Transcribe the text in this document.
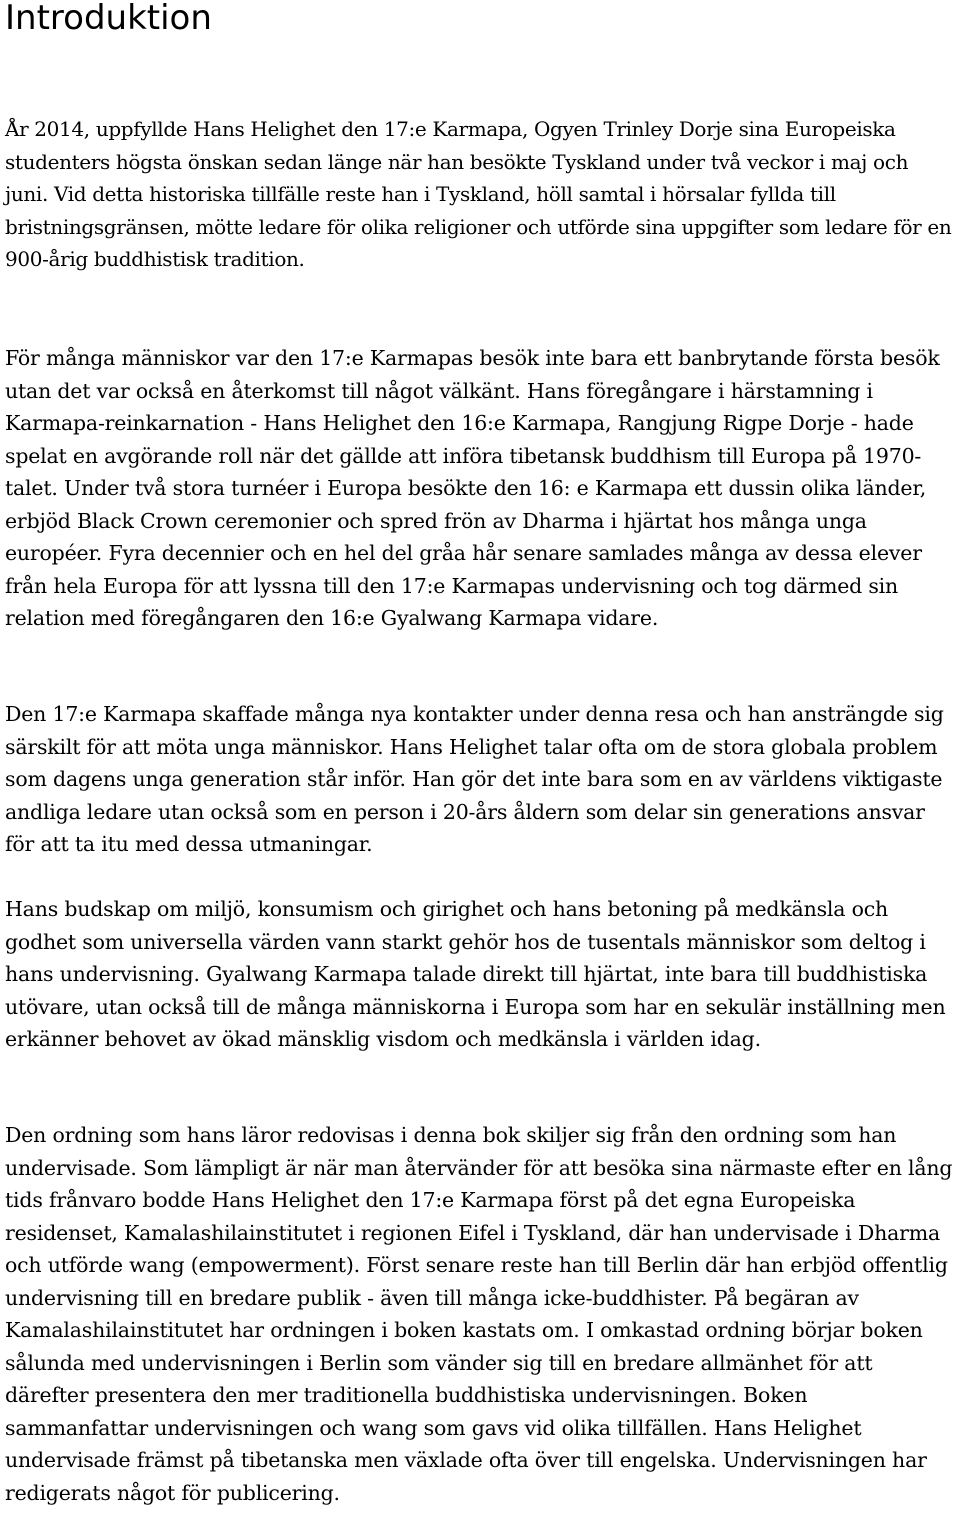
Introduktion

År 2014, uppfyllde Hans Helighet den 17:e Karmapa, Ogyen Trinley Dorje sina Europeiska studenters högsta önskan sedan länge när han besökte Tyskland under två veckor i maj och juni. Vid detta historiska tillfälle reste han i Tyskland, höll samtal i hörsalar fyllda till bristningsgränsen, mötte ledare för olika religioner och utförde sina uppgifter som ledare för en 900-årig buddhistisk tradition.

För många människor var den 17:e Karmapas besök inte bara ett banbrytande första besök utan det var också en återkomst till något välkänt. Hans föregångare i härstamning i Karmapa-reinkarnation - Hans Helighet den 16:e Karmapa, Rangjung Rigpe Dorje - hade spelat en avgörande roll när det gällde att införa tibetansk buddhism till Europa på 1970-talet. Under två stora turnéer i Europa besökte den 16: e Karmapa ett dussin olika länder, erbjöd Black Crown ceremonier och spred frön av Dharma i hjärtat hos många unga européer. Fyra decennier och en hel del gråa hår senare samlades många av dessa elever från hela Europa för att lyssna till den 17:e Karmapas undervisning och tog därmed sin relation med föregångaren den 16:e Gyalwang Karmapa vidare.

Den 17:e Karmapa skaffade många nya kontakter under denna resa och han ansträngde sig särskilt för att möta unga människor. Hans Helighet talar ofta om de stora globala problem som dagens unga generation står inför. Han gör det inte bara som en av världens viktigaste andliga ledare utan också som en person i 20-års åldern som delar sin generations ansvar för att ta itu med dessa utmaningar.

Hans budskap om miljö, konsumism och girighet och hans betoning på medkänsla och godhet som universella värden vann starkt gehör hos de tusentals människor som deltog i hans undervisning. Gyalwang Karmapa talade direkt till hjärtat, inte bara till buddhistiska utövare, utan också till de många människorna i Europa som har en sekulär inställning men erkänner behovet av ökad mänsklig visdom och medkänsla i världen idag.

Den ordning som hans läror redovisas i denna bok skiljer sig från den ordning som han undervisade. Som lämpligt är när man återvänder för att besöka sina närmaste efter en lång tids frånvaro bodde Hans Helighet den 17:e Karmapa först på det egna Europeiska residenset, Kamalashilainstitutet i regionen Eifel i Tyskland, där han undervisade i Dharma och utförde wang (empowerment). Först senare reste han till Berlin där han erbjöd offentlig undervisning till en bredare publik - även till många icke-buddhister. På begäran av Kamalashilainstitutet har ordningen i boken kastats om. I omkastad ordning börjar boken sålunda med undervisningen i Berlin som vänder sig till en bredare allmänhet för att därefter presentera den mer traditionella buddhistiska undervisningen. Boken sammanfattar undervisningen och wang som gavs vid olika tillfällen. Hans Helighet undervisade främst på tibetanska men växlade ofta över till engelska. Undervisningen har redigerats något för publicering.
